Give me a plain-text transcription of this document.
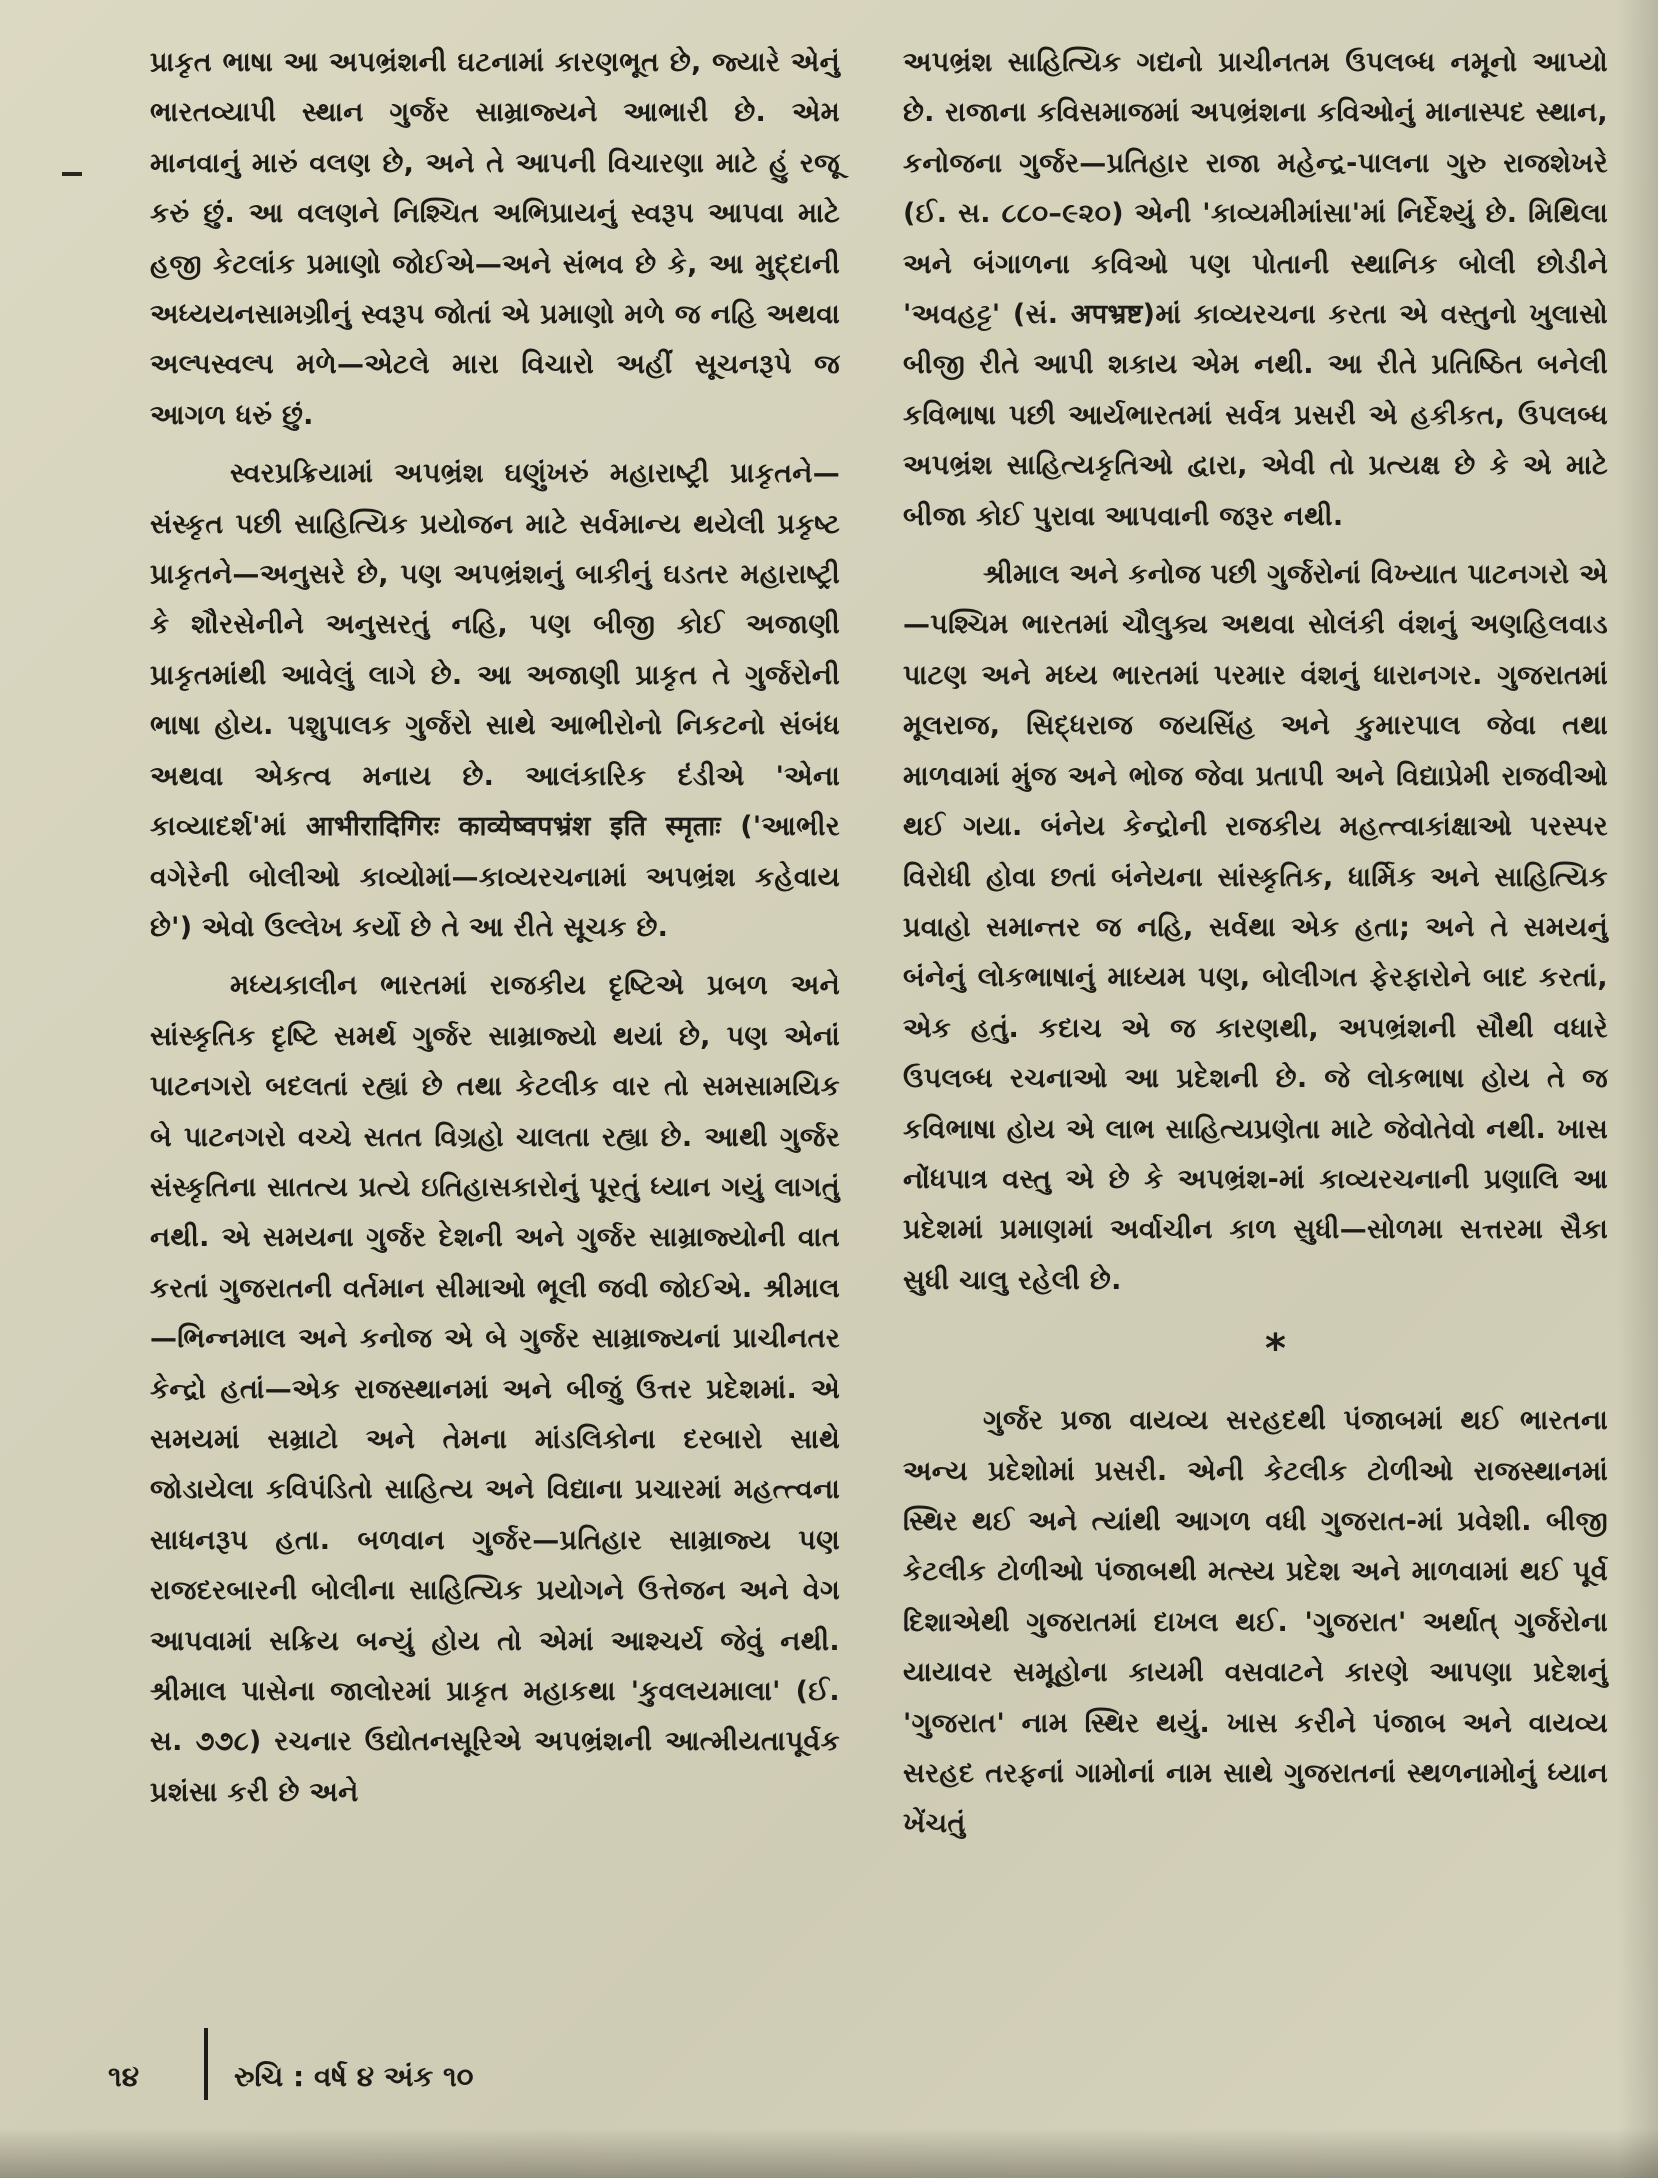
પ્રાકૃત ભાષા આ અપભ્રંશની ઘટનામાં કારણભૂત છે, જ્યારે એનું ભારતવ્યાપી સ્થાન ગુર્જર સામ્રાજ્યને આભારી છે. એમ માનવાનું મારું વલણ છે, અને તે આપની વિચારણા માટે હું રજૂ કરું છું. આ વલણને નિશ્ચિત અભિપ્રાયનું સ્વરૂપ આપવા માટે હજી કેટલાંક પ્રમાણો જોઈએ—અને સંભવ છે કે, આ મુદ્દાની અધ્યયનસામગ્રીનું સ્વરૂપ જોતાં એ પ્રમાણો મળે જ નહિ અથવા અલ્પસ્વલ્પ મળે—એટલે મારા વિચારો અહીં સૂચનરૂપે જ આગળ ધરું છું.

સ્વરપ્રક્રિયામાં અપભ્રંશ ઘણુંખરું મહારાષ્ટ્રી પ્રાકૃતને—સંસ્કૃત પછી સાહિત્યિક પ્રયોજન માટે સર્વમાન્ય થયેલી પ્રકૃષ્ટ પ્રાકૃતને—અનુસરે છે, પણ અપભ્રંશનું બાકીનું ઘડતર મહારાષ્ટ્રી કે શૌરસેનીને અનુસરતું નહિ, પણ બીજી કોઈ અજાણી પ્રાકૃતમાંથી આવેલું લાગે છે. આ અજાણી પ્રાકૃત તે ગુર્જરોની ભાષા હોય. પશુપાલક ગુર્જરો સાથે આભીરોનો નિકટનો સંબંધ અથવા એકત્વ મનાય છે. આલંકારિક દંડીએ 'એના કાવ્યાદર્શ'માં आभीरादिगिरः काव्येष्वपभ्रंश इति स्मृताः ('આભીર વગેરેની બોલીઓ કાવ્યોમાં—કાવ્યરચનામાં અપભ્રંશ કહેવાય છે') એવો ઉલ્લેખ કર્યો છે તે આ રીતે સૂચક છે.

મધ્યકાલીન ભારતમાં રાજકીય દૃષ્ટિએ પ્રબળ અને સાંસ્કૃતિક દૃષ્ટિ સમર્થ ગુર્જર સામ્રાજ્યો થયાં છે, પણ એનાં પાટનગરો બદલતાં રહ્યાં છે તથા કેટલીક વાર તો સમસામયિક બે પાટનગરો વચ્ચે સતત વિગ્રહો ચાલતા રહ્યા છે. આથી ગુર્જર સંસ્કૃતિના સાતત્ય પ્રત્યે ઇતિહાસકારોનું પૂરતું ધ્યાન ગયું લાગતું નથી. એ સમયના ગુર્જર દેશની અને ગુર્જર સામ્રાજ્યોની વાત કરતાં ગુજરાતની વર્તમાન સીમાઓ ભૂલી જવી જોઈએ. શ્રીમાલ—ભિન્નમાલ અને કનોજ એ બે ગુર્જર સામ્રાજ્યનાં પ્રાચીનતર કેન્દ્રો હતાં—એક રાજસ્થાનમાં અને બીજું ઉત્તર પ્રદેશમાં. એ સમયમાં સમ્રાટો અને તેમના માંડલિકોના દરબારો સાથે જોડાયેલા કવિપંડિતો સાહિત્ય અને વિદ્યાના પ્રચારમાં મહત્ત્વના સાધનરૂપ હતા. બળવાન ગુર્જર—પ્રતિહાર સામ્રાજ્ય પણ રાજદરબારની બોલીના સાહિત્યિક પ્રયોગને ઉત્તેજન અને વેગ આપવામાં સક્રિય બન્યું હોય તો એમાં આશ્ચર્ય જેવું નથી. શ્રીમાલ પાસેના જાલોરમાં પ્રાકૃત મહાકથા 'કુવલયમાલા' (ઈ. સ. ૭૭૮) રચનાર ઉદ્યોતનસૂરિએ અપભ્રંશની આત્મીયતાપૂર્વક પ્રશંસા કરી છે અને

અપભ્રંશ સાહિત્યિક ગદ્યનો પ્રાચીનતમ ઉપલબ્ધ નમૂનો આપ્યો છે. રાજાના કવિસમાજમાં અપભ્રંશના કવિઓનું માનાસ્પદ સ્થાન, કનોજના ગુર્જર—પ્રતિહાર રાજા મહેન્દ્ર-પાલના ગુરુ રાજશેખરે (ઈ. સ. ૮૮૦–૯૨૦) એની 'કાવ્યમીમાંસા'માં નિર્દેશ્યું છે. મિથિલા અને બંગાળના કવિઓ પણ પોતાની સ્થાનિક બોલી છોડીને 'અવહટ્ટ' (સં. अपभ्रष्ट)માં કાવ્યરચના કરતા એ વસ્તુનો ખુલાસો બીજી રીતે આપી શકાય એમ નથી. આ રીતે પ્રતિષ્ઠિત બનેલી કવિભાષા પછી આર્યભારતમાં સર્વત્ર પ્રસરી એ હકીકત, ઉપલબ્ધ અપભ્રંશ સાહિત્યકૃતિઓ દ્વારા, એવી તો પ્રત્યક્ષ છે કે એ માટે બીજા કોઈ પુરાવા આપવાની જરૂર નથી.

શ્રીમાલ અને કનોજ પછી ગુર્જરોનાં વિખ્યાત પાટનગરો એ—પશ્ચિમ ભારતમાં ચૌલુક્ય અથવા સોલંકી વંશનું અણહિલવાડ પાટણ અને મધ્ય ભારતમાં પરમાર વંશનું ધારાનગર. ગુજરાતમાં મૂલરાજ, સિદ્ધરાજ જયસિંહ અને કુમારપાલ જેવા તથા માળવામાં મુંજ અને ભોજ જેવા પ્રતાપી અને વિદ્યાપ્રેમી રાજવીઓ થઈ ગયા. બંનેય કેન્દ્રોની રાજકીય મહત્ત્વાકાંક્ષાઓ પરસ્પર વિરોધી હોવા છતાં બંનેયના સાંસ્કૃતિક, ધાર્મિક અને સાહિત્યિક પ્રવાહો સમાન્તર જ નહિ, સર્વથા એક હતા; અને તે સમયનું બંનેનું લોકભાષાનું માધ્યમ પણ, બોલીગત ફેરફારોને બાદ કરતાં, એક હતું. કદાચ એ જ કારણથી, અપભ્રંશની સૌથી વધારે ઉપલબ્ધ રચનાઓ આ પ્રદેશની છે. જે લોકભાષા હોય તે જ કવિભાષા હોય એ લાભ સાહિત્યપ્રણેતા માટે જેવોતેવો નથી. ખાસ નોંધપાત્ર વસ્તુ એ છે કે અપભ્રંશ-માં કાવ્યરચનાની પ્રણાલિ આ પ્રદેશમાં પ્રમાણમાં અર્વાચીન કાળ સુધી—સોળમા સત્તરમા સૈકા સુધી ચાલુ રહેલી છે.

*

ગુર્જર પ્રજા વાયવ્ય સરહદથી પંજાબમાં થઈ ભારતના અન્ય પ્રદેશોમાં પ્રસરી. એની કેટલીક ટોળીઓ રાજસ્થાનમાં સ્થિર થઈ અને ત્યાંથી આગળ વધી ગુજરાત-માં પ્રવેશી. બીજી કેટલીક ટોળીઓ પંજાબથી મત્સ્ય પ્રદેશ અને માળવામાં થઈ પૂર્વ દિશાએથી ગુજરાતમાં દાખલ થઈ. 'ગુજરાત' અર્થાત્ ગુર્જરોના યાયાવર સમૂહોના કાયમી વસવાટને કારણે આપણા પ્રદેશનું 'ગુજરાત' નામ સ્થિર થયું. ખાસ કરીને પંજાબ અને વાયવ્ય સરહદ તરફનાં ગામોનાં નામ સાથે ગુજરાતનાં સ્થળનામોનું ધ્યાન ખેંચતું

૧૪	રુચિ : વર્ષ ૪ અંક ૧૦
